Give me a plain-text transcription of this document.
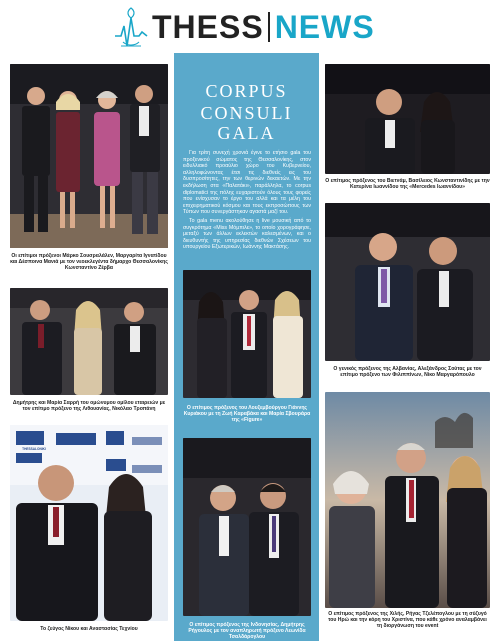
THESS NEWS
Οι επίτιμοι πρόξενοι Μάρκο Σουσραλάλεν, Μαργαρίτα Ιγνατίδου και Δέσποινα Μανιά με τον νεοεκλεγέντα δήμαρχο Θεσσαλονίκης Κωνσταντίνο Ζέρβα
Δημήτρης και Μαρία Σαρρή του ομώνυμου ομίλου εταιρειών με τον επίτιμο πρόξενο της Λιθουανίας, Νικόλαο Τροπάνη
THESSALONIKI
Το ζεύγος Νίκου και Αναστασίας Τεχνίου
CORPUS
CONSULI GALA

Για τρίτη συνεχή χρονιά έγινε το ετήσιο gala του προξενικού σώματος της Θεσσαλονίκης, στον ειδυλλιακό προαύλιο χώρο του Κυβερνείου, αλληλοφώνοντας έτσι τις διεθνείς εις του δυσπροσίτητες, την των θερινών δεκαετών. Με την εκδήλωση στα «Παλατάκι», παράλληλα, το corpus diplomatici της πόλης ευχαριστούν όλους τους φορείς που ενίσχυσαν το έργο του αλλά και τα μέλη του επιχειρηματικού κόσμου και τους εκπροσώπους των Τύπων που συνεργάστηκαν αγαστά μαζί του.

Το gala menu ακολούθησε η live μουσική από το συγκρότημα «Miss Μόμπιλε», το οποίο χορογράφησε, μεταξύ των άλλων εκλεκτών καλεσμένων, και ο διευθυντής της υπηρεσίας διεθνών Σχέσεων του υπουργείου Εξωτερικών, Ιωάννης Μακτάσης.

Ο επίτιμος πρόξενος του Λουξεμβούργου Γιάννης Κυριάκου με τη Ζωή Καραβάκα και Μαρία Σβουράρα της «Figure»
Ο επίτιμος πρόξενος της Ινδονησίας, Δημήτρης Ρήγουλος με τον αναπληρωτή πρόξενο Λεωνίδα Τσαλδάρογλου
Ο επίτιμος πρόξενος του Βιετνάμ, Βασίλειος Κωνσταντινίδης με την Κατερίνα Ιωαννίδου της «Mercedes Ιωαννίδου»
Ο γενικός πρόξενος της Αλβανίας, Αλεξάνδρος Σούτας με τον επίτιμο πρόξενο των Φιλιππίνων, Νίκο Μαργαρόπουλο
Ο επίτιμος πρόξενος της Χιλής, Ρήγας Τζελέπογλου με τη σύζυγό του Ηρώ και την κόρη του Χριστίνα, που κάθε χρόνο αναλαμβάνει τη διοργάνωση του event
